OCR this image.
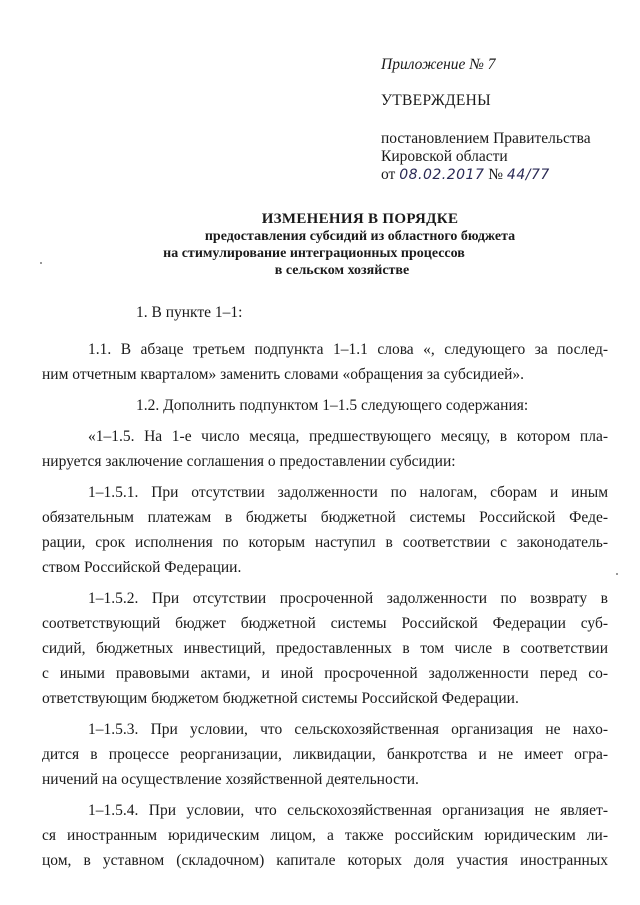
Приложение № 7
УТВЕРЖДЕНЫ
постановлением Правительства
Кировской области
от 08.02.2017 № 44/77
ИЗМЕНЕНИЯ В ПОРЯДКЕ
предоставления субсидий из областного бюджета
на стимулирование интеграционных процессов
в сельском хозяйстве
1. В пункте 1–1:
1.1. В абзаце третьем подпункта 1–1.1 слова «, следующего за послед-
ним отчетным кварталом» заменить словами «обращения за субсидией».
1.2. Дополнить подпунктом 1–1.5 следующего содержания:
«1–1.5. На 1-е число месяца, предшествующего месяцу, в котором пла-
нируется заключение соглашения о предоставлении субсидии:
1–1.5.1. При отсутствии задолженности по налогам, сборам и иным
обязательным платежам в бюджеты бюджетной системы Российской Феде-
рации, срок исполнения по которым наступил в соответствии с законодатель-
ством Российской Федерации.
1–1.5.2. При отсутствии просроченной задолженности по возврату в
соответствующий бюджет бюджетной системы Российской Федерации суб-
сидий, бюджетных инвестиций, предоставленных в том числе в соответствии
с иными правовыми актами, и иной просроченной задолженности перед со-
ответствующим бюджетом бюджетной системы Российской Федерации.
1–1.5.3. При условии, что сельскохозяйственная организация не нахо-
дится в процессе реорганизации, ликвидации, банкротства и не имеет огра-
ничений на осуществление хозяйственной деятельности.
1–1.5.4. При условии, что сельскохозяйственная организация не являет-
ся иностранным юридическим лицом, а также российским юридическим ли-
цом, в уставном (складочном) капитале которых доля участия иностранных
